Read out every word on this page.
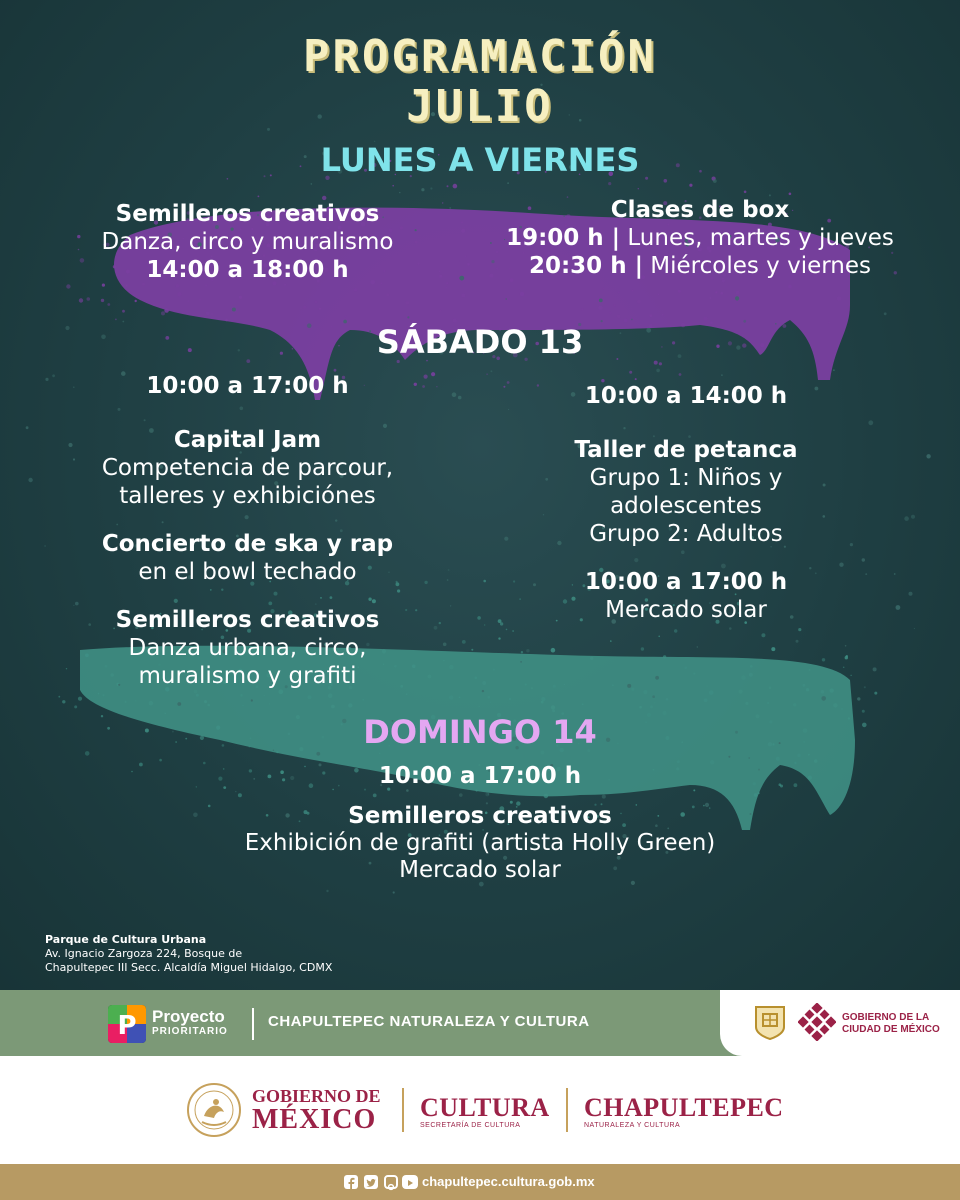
PROGRAMACIÓN
JULIO
LUNES A VIERNES
Semilleros creativos
Danza, circo y muralismo
14:00 a 18:00 h
Clases de box
19:00 h | Lunes, martes y jueves
20:30 h | Miércoles y viernes
SÁBADO 13
10:00 a 17:00 h
Capital Jam
Competencia de parcour,
talleres y exhibiciónes
Concierto de ska y rap
en el bowl techado
Semilleros creativos
Danza urbana, circo,
muralismo y grafiti
10:00 a 14:00 h
Taller de petanca
Grupo 1: Niños y
adolescentes
Grupo 2: Adultos
10:00 a 17:00 h
Mercado solar
DOMINGO 14
10:00 a 17:00 h
Semilleros creativos
Exhibición de grafiti (artista Holly Green)
Mercado solar
Parque de Cultura Urbana
Av. Ignacio Zargoza 224, Bosque de
Chapultepec III Secc. Alcaldía Miguel Hidalgo, CDMX
P Proyecto
PRIORITARIO
CHAPULTEPEC NATURALEZA Y CULTURA	GOBIERNO DE LA
CIUDAD DE MÉXICO
GOBIERNO DE
MÉXICO CULTURA
SECRETARÍA DE CULTURA
CHAPULTEPEC
NATURALEZA Y CULTURA
chapultepec.cultura.gob.mx
